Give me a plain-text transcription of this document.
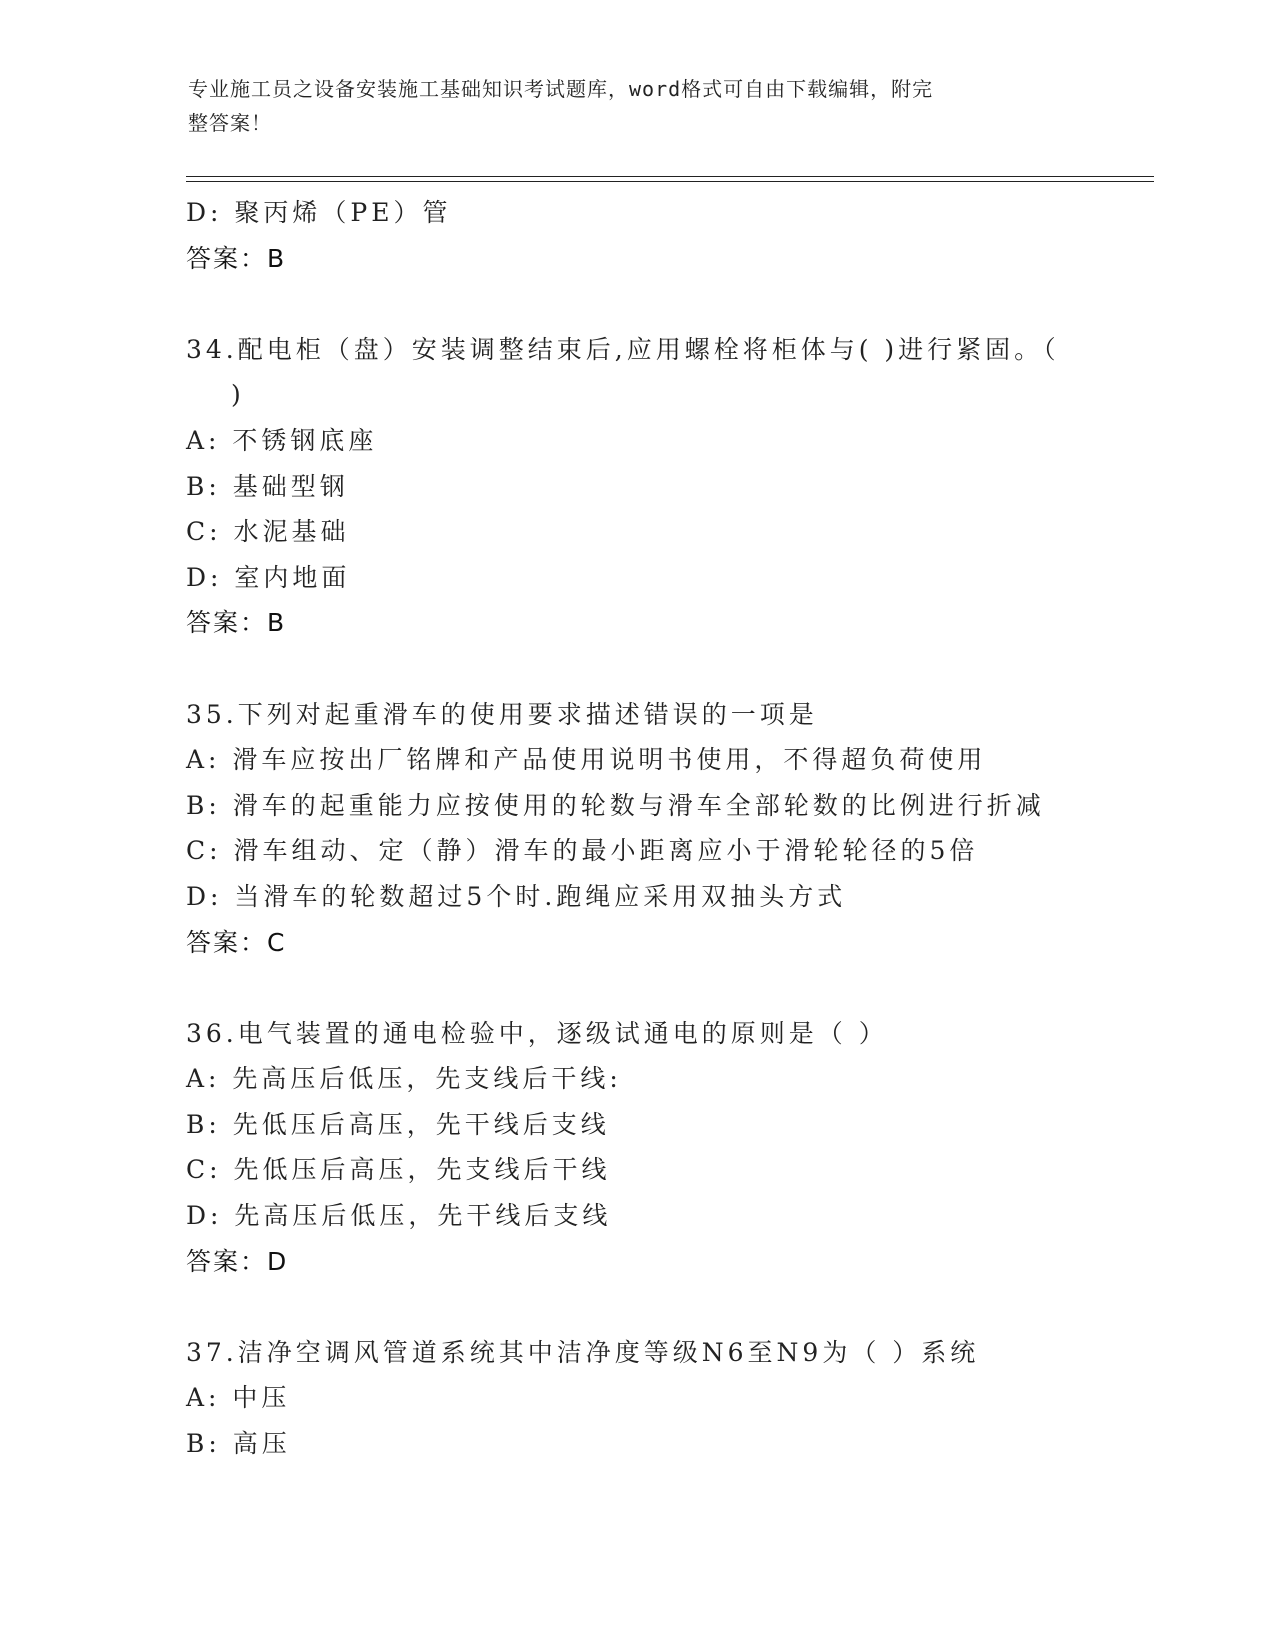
专业施工员之设备安装施工基础知识考试题库，word格式可自由下载编辑，附完
整答案！
D: 聚丙烯（PE）管
答案：B
34.配电柜（盘）安装调整结束后,应用螺栓将柜体与( )进行紧固。（
)
A: 不锈钢底座
B: 基础型钢
C: 水泥基础
D: 室内地面
答案：B
35.下列对起重滑车的使用要求描述错误的一项是
A: 滑车应按出厂铭牌和产品使用说明书使用，不得超负荷使用
B: 滑车的起重能力应按使用的轮数与滑车全部轮数的比例进行折减
C: 滑车组动、定（静）滑车的最小距离应小于滑轮轮径的5倍
D: 当滑车的轮数超过5个时.跑绳应采用双抽头方式
答案：C
36.电气装置的通电检验中，逐级试通电的原则是（ ）
A: 先高压后低压，先支线后干线:
B: 先低压后高压，先干线后支线
C: 先低压后高压，先支线后干线
D: 先高压后低压，先干线后支线
答案：D
37.洁净空调风管道系统其中洁净度等级N6至N9为（ ）系统
A: 中压
B: 高压
